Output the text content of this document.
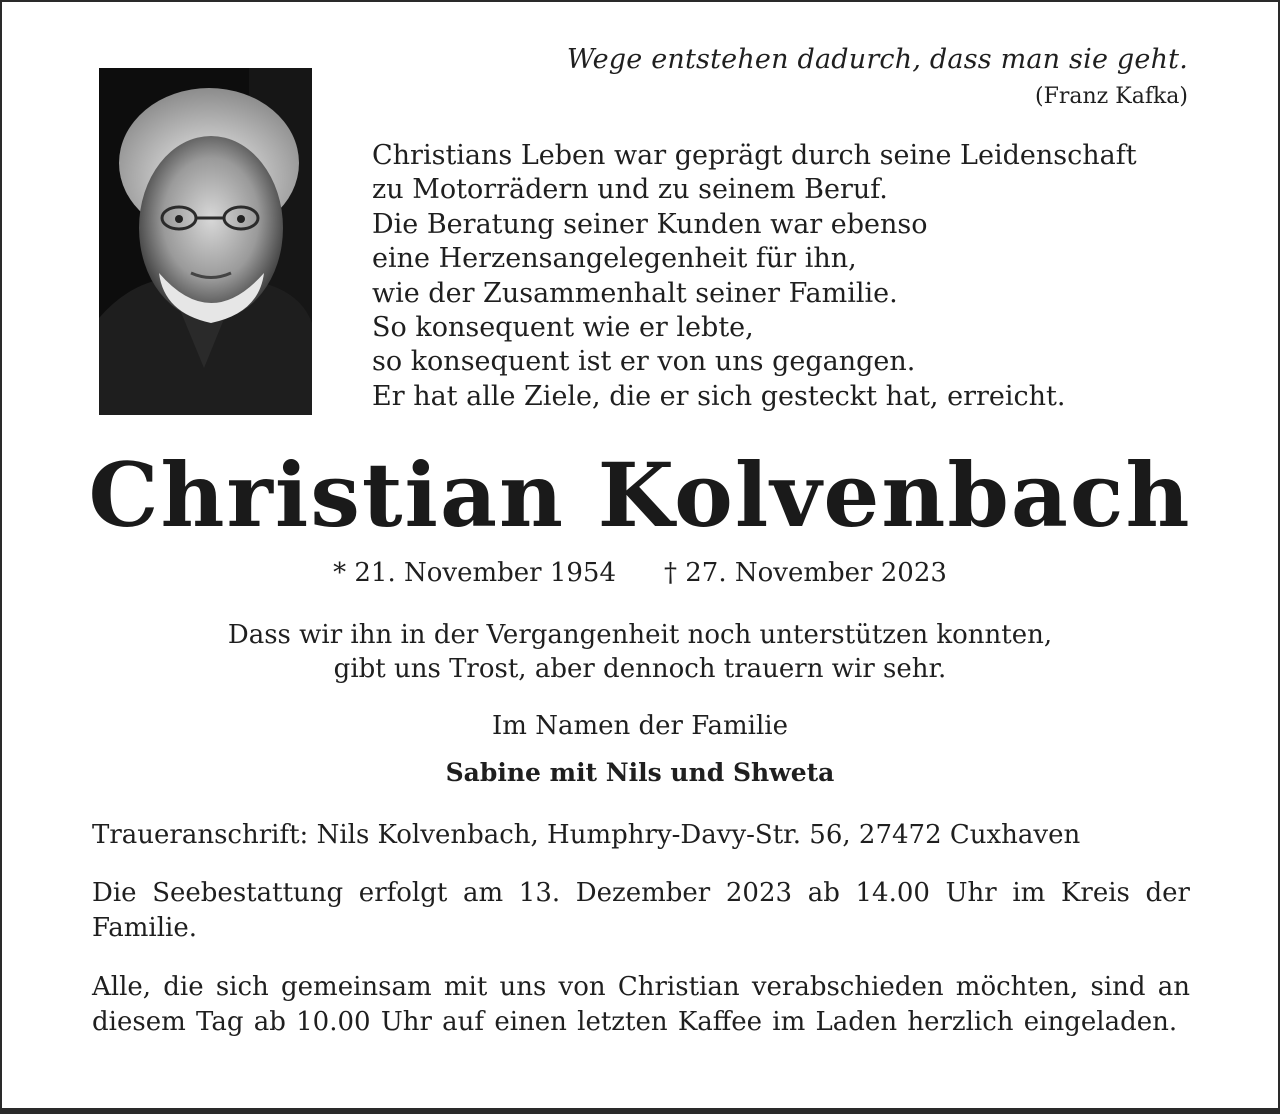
Wege entstehen dadurch, dass man sie geht.
(Franz Kafka)
Christians Leben war geprägt durch seine Leidenschaft
zu Motorrädern und zu seinem Beruf.
Die Beratung seiner Kunden war ebenso
eine Herzensangelegenheit für ihn,
wie der Zusammenhalt seiner Familie.
So konsequent wie er lebte,
so konsequent ist er von uns gegangen.
Er hat alle Ziele, die er sich gesteckt hat, erreicht.
Christian Kolvenbach
* 21. November 1954 † 27. November 2023
Dass wir ihn in der Vergangenheit noch unterstützen konnten,
gibt uns Trost, aber dennoch trauern wir sehr.
Im Namen der Familie
Sabine mit Nils und Shweta
Traueranschrift: Nils Kolvenbach, Humphry-Davy-Str. 56, 27472 Cuxhaven
Die Seebestattung erfolgt am 13. Dezember 2023 ab 14.00 Uhr im Kreis der Familie.
Alle, die sich gemeinsam mit uns von Christian verabschieden möchten, sind an diesem Tag ab 10.00 Uhr auf einen letzten Kaffee im Laden herzlich eingeladen.
